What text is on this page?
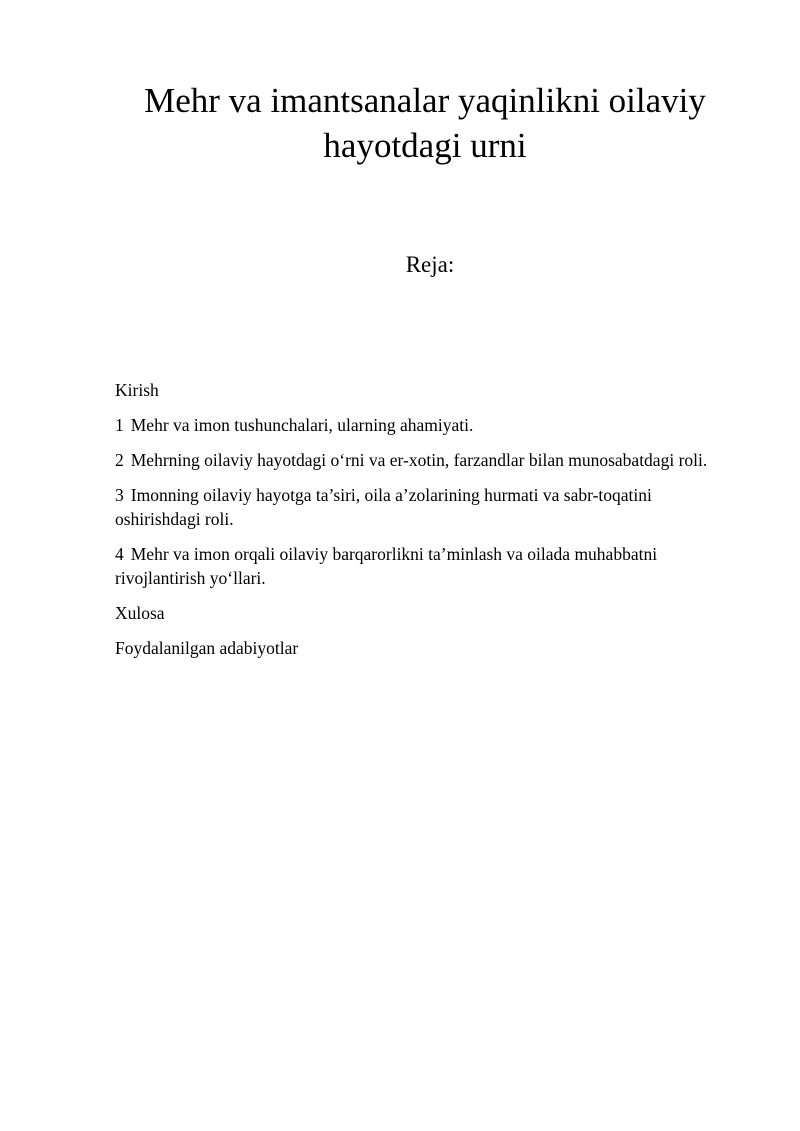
Mehr va imantsanalar yaqinlikni oilaviy
hayotdagi urni
Reja:
Kirish
1 Mehr va imon tushunchalari, ularning ahamiyati.
2 Mehrning oilaviy hayotdagi o‘rni va er-xotin, farzandlar bilan munosabatdagi roli.
3 Imonning oilaviy hayotga ta’siri, oila a’zolarining hurmati va sabr-toqatini oshirishdagi roli.
4 Mehr va imon orqali oilaviy barqarorlikni ta’minlash va oilada muhabbatni rivojlantirish yo‘llari.
Xulosa
Foydalanilgan adabiyotlar
